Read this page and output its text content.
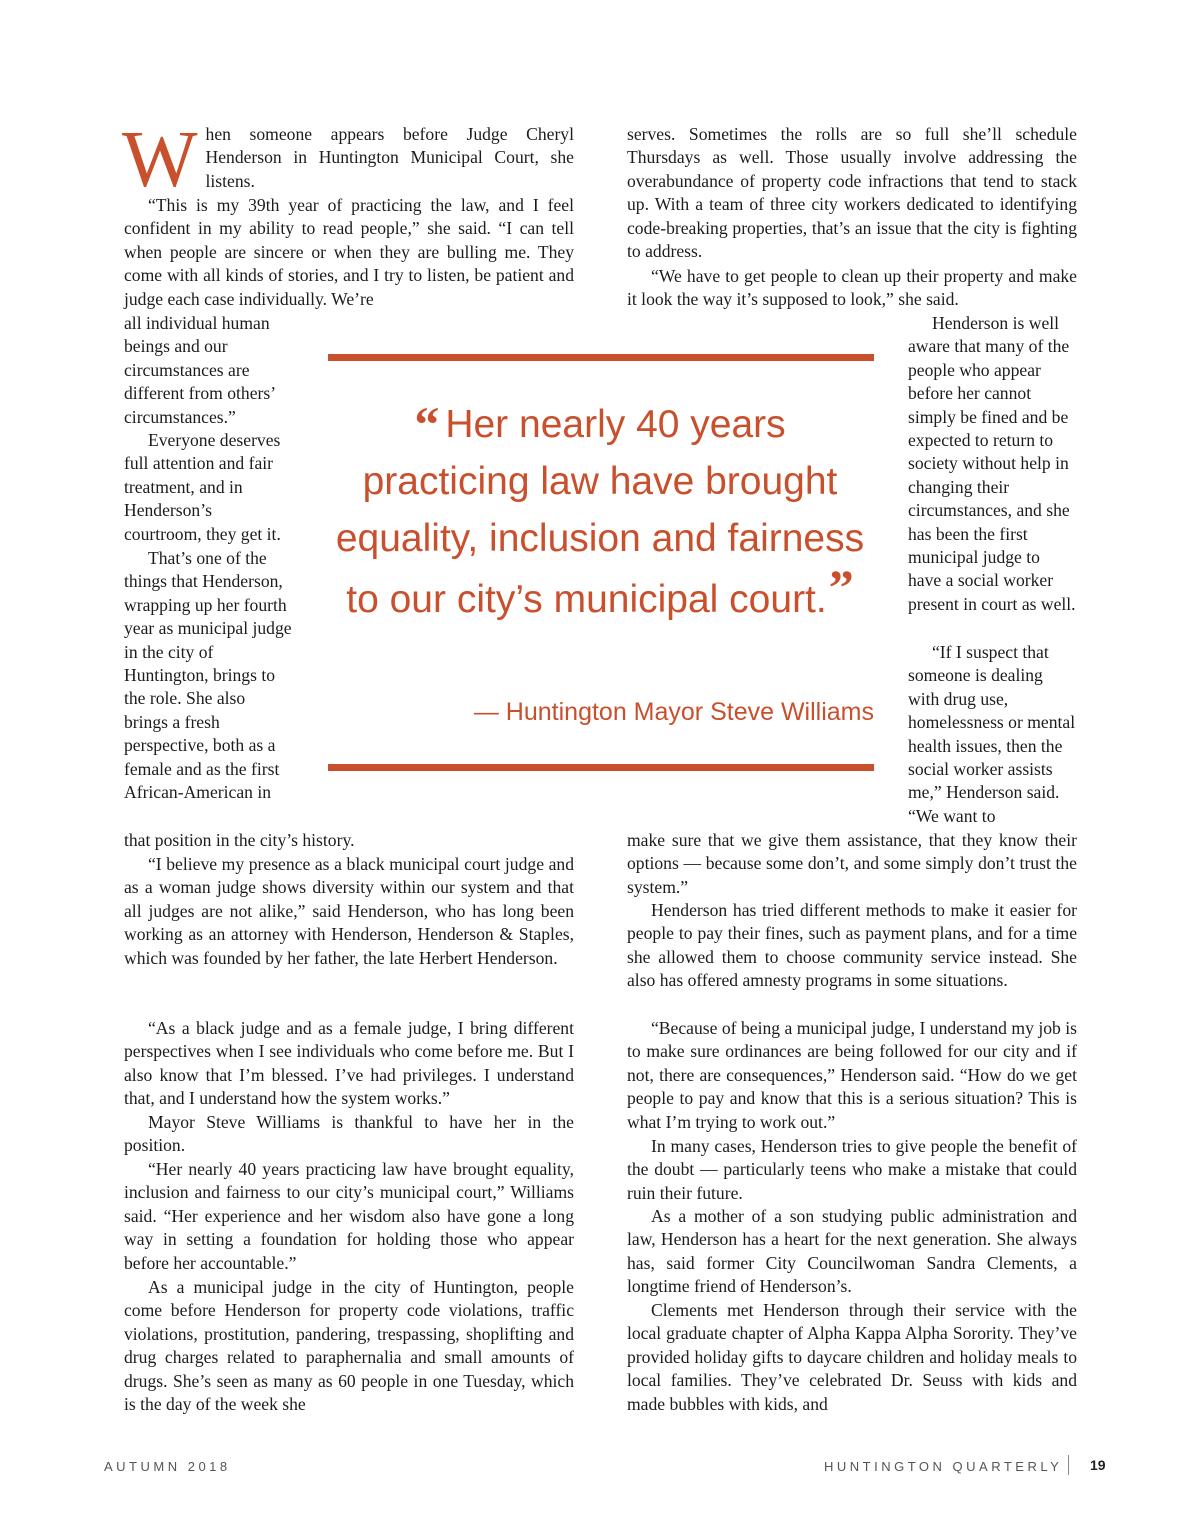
When someone appears before Judge Cheryl Henderson in Huntington Municipal Court, she listens.

“This is my 39th year of practicing the law, and I feel confident in my ability to read people,” she said. “I can tell when people are sincere or when they are bulling me. They come with all kinds of stories, and I try to listen, be patient and judge each case individually. We’re

all individual human beings and our circumstances are different from others’ circumstances.”

Everyone deserves full attention and fair treatment, and in Henderson’s courtroom, they get it.

That’s one of the things that Henderson, wrapping up her fourth year as municipal judge in the city of Huntington, brings to the role. She also brings a fresh perspective, both as a female and as the first African-American in

that position in the city’s history.

“I believe my presence as a black municipal court judge and as a woman judge shows diversity within our system and that all judges are not alike,” said Henderson, who has long been working as an attorney with Henderson, Henderson & Staples, which was founded by her father, the late Herbert Henderson.

“As a black judge and as a female judge, I bring different perspectives when I see individuals who come before me. But I also know that I’m blessed. I’ve had privileges. I understand that, and I understand how the system works.”

Mayor Steve Williams is thankful to have her in the position.

“Her nearly 40 years practicing law have brought equality, inclusion and fairness to our city’s municipal court,” Williams said. “Her experience and her wisdom also have gone a long way in setting a foundation for holding those who appear before her accountable.”

As a municipal judge in the city of Huntington, people come before Henderson for property code violations, traffic violations, prostitution, pandering, trespassing, shoplifting and drug charges related to paraphernalia and small amounts of drugs. She’s seen as many as 60 people in one Tuesday, which is the day of the week she

serves. Sometimes the rolls are so full she’ll schedule Thursdays as well. Those usually involve addressing the overabundance of property code infractions that tend to stack up. With a team of three city workers dedicated to identifying code-breaking properties, that’s an issue that the city is fighting to address.

“We have to get people to clean up their property and make it look the way it’s supposed to look,” she said.

Henderson is well aware that many of the people who appear before her cannot simply be fined and be expected to return to society without help in changing their circumstances, and she has been the first municipal judge to have a social worker present in court as well.

“If I suspect that someone is dealing with drug use, homelessness or mental health issues, then the social worker assists me,” Henderson said. “We want to

make sure that we give them assistance, that they know their options — because some don’t, and some simply don’t trust the system.”

Henderson has tried different methods to make it easier for people to pay their fines, such as payment plans, and for a time she allowed them to choose community service instead. She also has offered amnesty programs in some situations.

“Because of being a municipal judge, I understand my job is to make sure ordinances are being followed for our city and if not, there are consequences,” Henderson said. “How do we get people to pay and know that this is a serious situation? This is what I’m trying to work out.”

In many cases, Henderson tries to give people the benefit of the doubt — particularly teens who make a mistake that could ruin their future.

As a mother of a son studying public administration and law, Henderson has a heart for the next generation. She always has, said former City Councilwoman Sandra Clements, a longtime friend of Henderson’s.

Clements met Henderson through their service with the local graduate chapter of Alpha Kappa Alpha Sorority. They’ve provided holiday gifts to daycare children and holiday meals to local families. They’ve celebrated Dr. Seuss with kids and made bubbles with kids, and

“ Her nearly 40 years practicing law have brought equality, inclusion and fairness to our city’s municipal court.”

— Huntington Mayor Steve Williams
AUTUMN 2018	HUNTINGTON QUARTERLY 19
